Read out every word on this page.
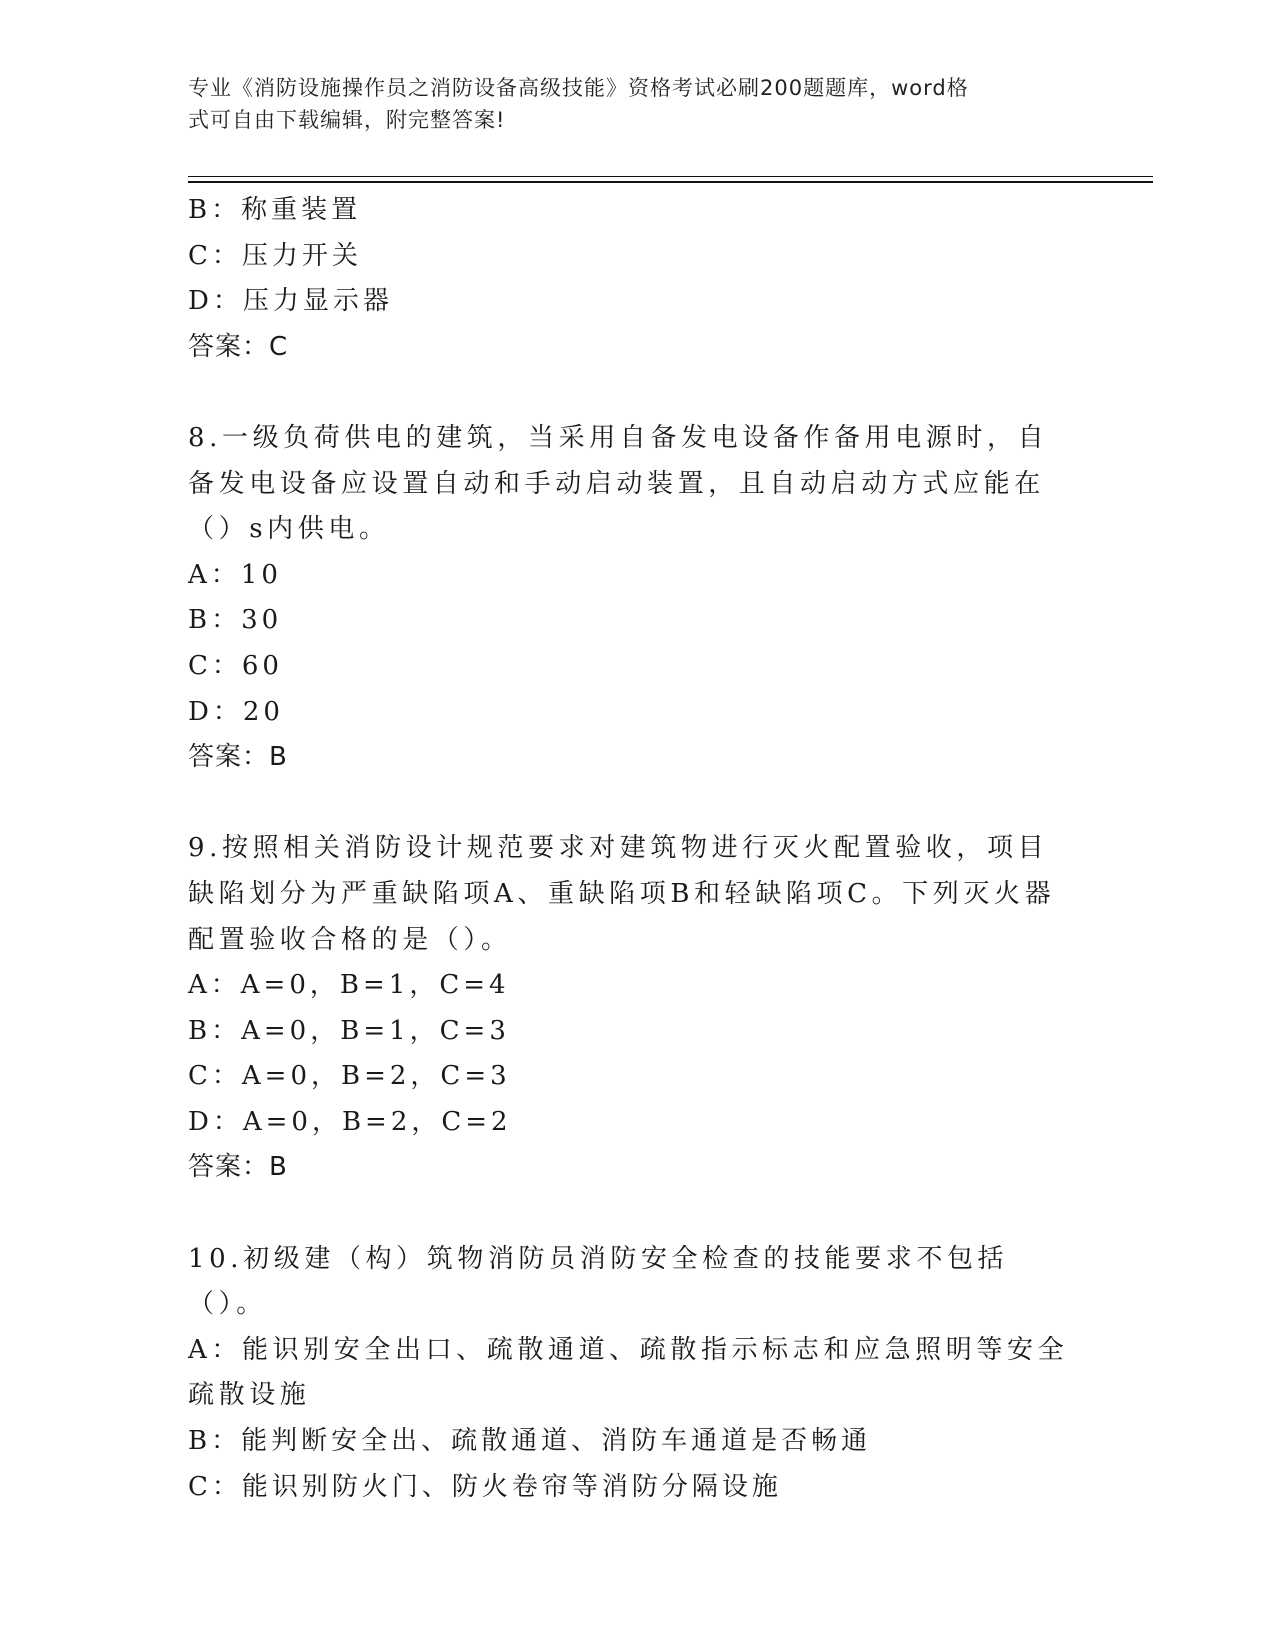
专业《消防设施操作员之消防设备高级技能》资格考试必刷200题题库，word格
式可自由下载编辑，附完整答案!
B：称重装置
C：压力开关
D：压力显示器
答案：C
8.一级负荷供电的建筑，当采用自备发电设备作备用电源时，自备发电设备应设置自动和手动启动装置，且自动启动方式应能在（）s内供电。
A：10
B：30
C：60
D：20
答案：B
9.按照相关消防设计规范要求对建筑物进行灭火配置验收，项目缺陷划分为严重缺陷项A、重缺陷项B和轻缺陷项C。下列灭火器配置验收合格的是（）。
A：A=0，B=1，C=4
B：A=0，B=1，C=3
C：A=0，B=2，C=3
D：A=0，B=2，C=2
答案：B
10.初级建（构）筑物消防员消防安全检查的技能要求不包括（）。
A：能识别安全出口、疏散通道、疏散指示标志和应急照明等安全疏散设施
B：能判断安全出、疏散通道、消防车通道是否畅通
C：能识别防火门、防火卷帘等消防分隔设施
